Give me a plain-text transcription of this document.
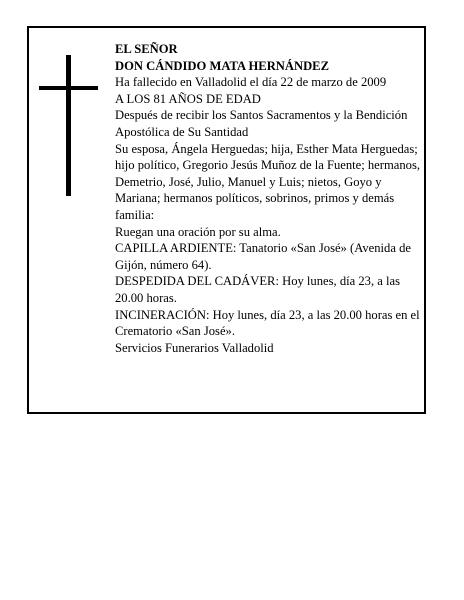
EL SEÑOR

DON CÁNDIDO MATA HERNÁNDEZ

Ha fallecido en Valladolid el día 22 de marzo de 2009

A LOS 81 AÑOS DE EDAD

Después de recibir los Santos Sacramentos y la Bendición Apostólica de Su Santidad

Su esposa, Ángela Herguedas; hija, Esther Mata Herguedas; hijo político, Gregorio Jesús Muñoz de la Fuente; hermanos, Demetrio, José, Julio, Manuel y Luis; nietos, Goyo y Mariana; hermanos políticos, sobrinos, primos y demás familia:

Ruegan una oración por su alma.

CAPILLA ARDIENTE: Tanatorio «San José» (Avenida de Gijón, número 64).

DESPEDIDA DEL CADÁVER: Hoy lunes, día 23, a las 20.00 horas.

INCINERACIÓN: Hoy lunes, día 23, a las 20.00 horas en el Crematorio «San José».

Servicios Funerarios Valladolid
